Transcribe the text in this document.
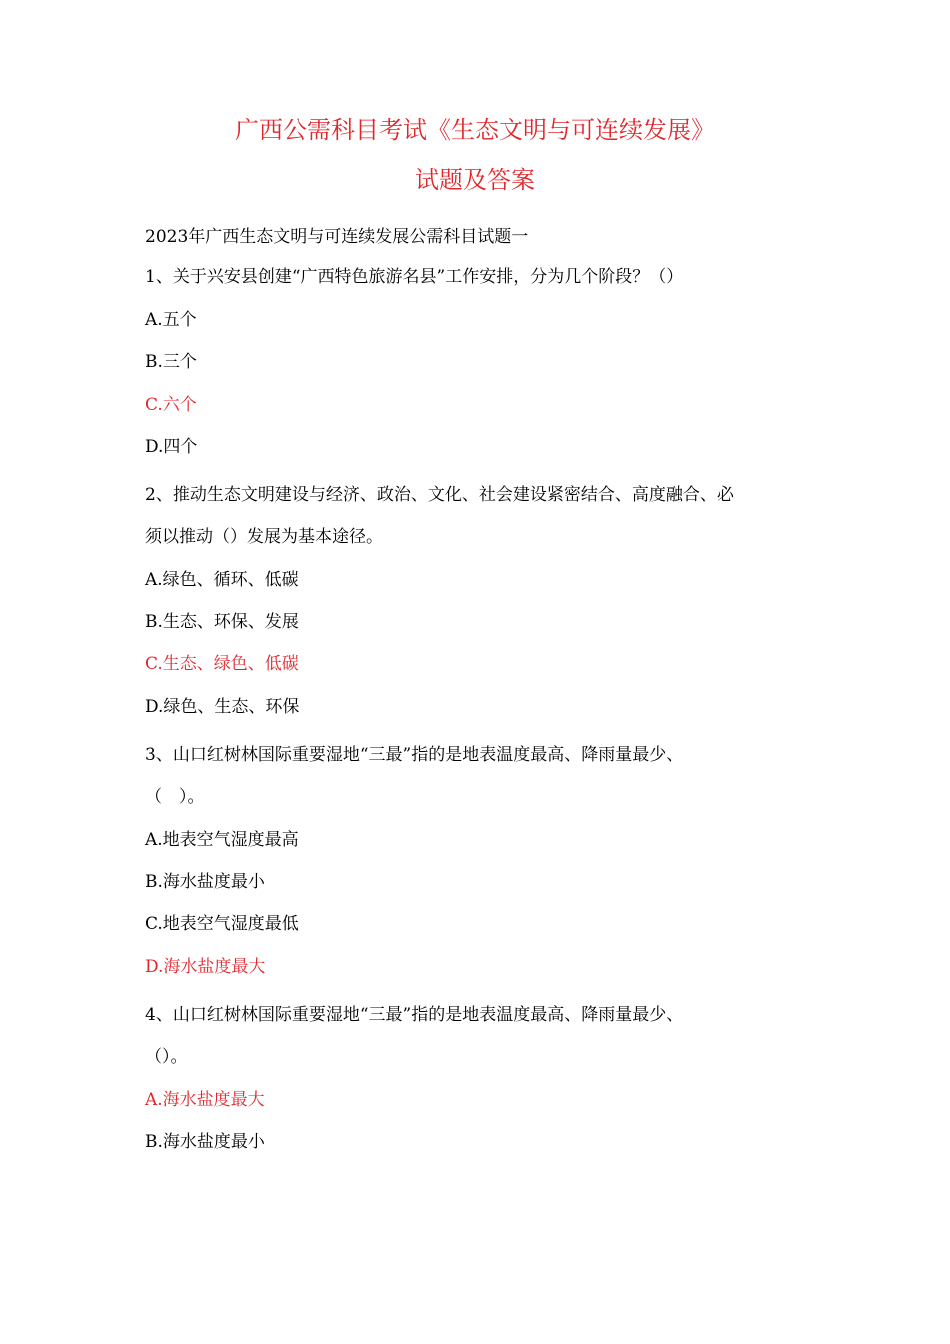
广西公需科目考试《生态文明与可连续发展》
试题及答案
2023年广西生态文明与可连续发展公需科目试题一
1、关于兴安县创建“广西特色旅游名县”工作安排，分为几个阶段？（）
A.五个
B.三个
C.六个
D.四个
2、推动生态文明建设与经济、政治、文化、社会建设紧密结合、高度融合、必
须以推动（）发展为基本途径。
A.绿色、循环、低碳
B.生态、环保、发展
C.生态、绿色、低碳
D.绿色、生态、环保
3、山口红树林国际重要湿地“三最”指的是地表温度最高、降雨量最少、
（　）。
A.地表空气湿度最高
B.海水盐度最小
C.地表空气湿度最低
D.海水盐度最大
4、山口红树林国际重要湿地“三最”指的是地表温度最高、降雨量最少、
（）。
A.海水盐度最大
B.海水盐度最小
